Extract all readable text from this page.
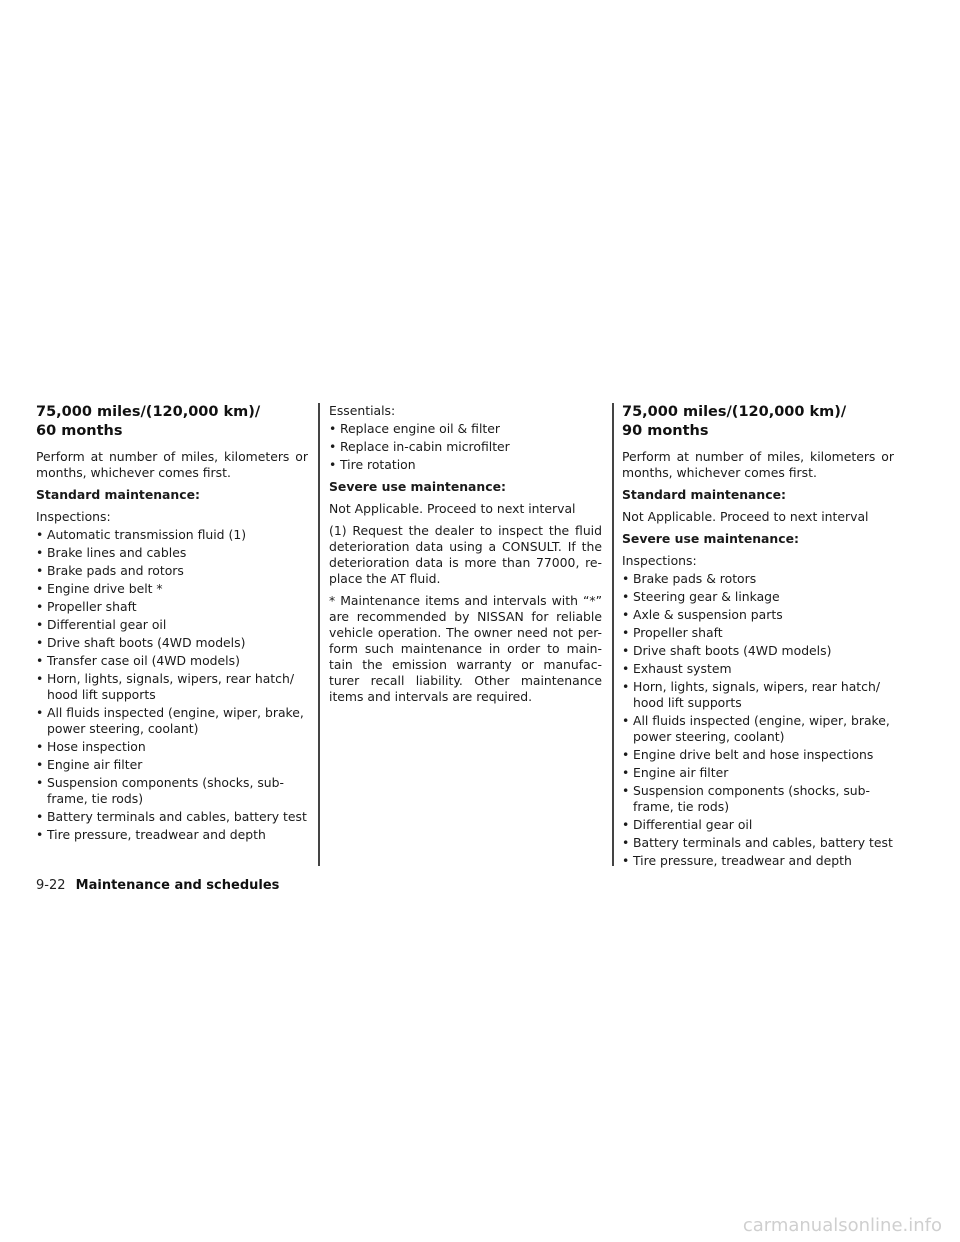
75,000 miles/(120,000 km)/
60 months

Perform at number of miles, kilometers or months, whichever comes first.

Standard maintenance:

Inspections:

• Automatic transmission fluid (1)
• Brake lines and cables
• Brake pads and rotors
• Engine drive belt *
• Propeller shaft
• Differential gear oil
• Drive shaft boots (4WD models)
• Transfer case oil (4WD models)
• Horn, lights, signals, wipers, rear hatch/ hood lift supports
• All fluids inspected (engine, wiper, brake, power steering, coolant)
• Hose inspection
• Engine air filter
• Suspension components (shocks, sub-frame, tie rods)
• Battery terminals and cables, battery test
• Tire pressure, treadwear and depth

Essentials:

• Replace engine oil & filter
• Replace in-cabin microfilter
• Tire rotation

Severe use maintenance:

Not Applicable. Proceed to next interval

(1) Request the dealer to inspect the fluid deterioration data using a CONSULT. If the deterioration data is more than 77000, re-place the AT fluid.

* Maintenance items and intervals with “*” are recommended by NISSAN for reliable vehicle operation. The owner need not per-form such maintenance in order to main-tain the emission warranty or manufac-turer recall liability. Other maintenance items and intervals are required.

75,000 miles/(120,000 km)/
90 months

Perform at number of miles, kilometers or months, whichever comes first.

Standard maintenance:

Not Applicable. Proceed to next interval

Severe use maintenance:

Inspections:

• Brake pads & rotors
• Steering gear & linkage
• Axle & suspension parts
• Propeller shaft
• Drive shaft boots (4WD models)
• Exhaust system
• Horn, lights, signals, wipers, rear hatch/ hood lift supports
• All fluids inspected (engine, wiper, brake, power steering, coolant)
• Engine drive belt and hose inspections
• Engine air filter
• Suspension components (shocks, sub-frame, tie rods)
• Differential gear oil
• Battery terminals and cables, battery test
• Tire pressure, treadwear and depth
9-22 Maintenance and schedules
carmanualsonline.info
